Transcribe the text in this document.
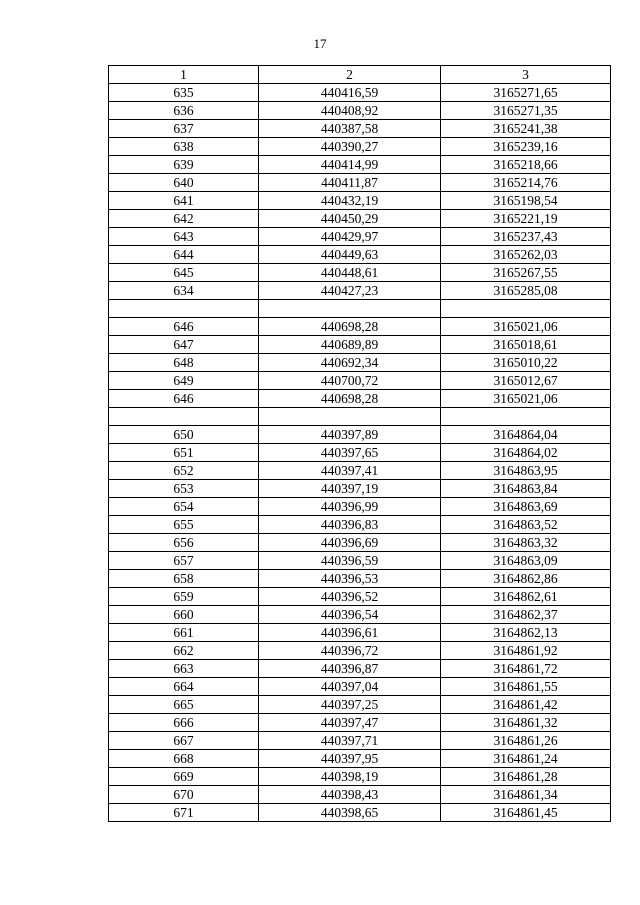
17
1	2	3
635	440416,59	3165271,65
636	440408,92	3165271,35
637	440387,58	3165241,38
638	440390,27	3165239,16
639	440414,99	3165218,66
640	440411,87	3165214,76
641	440432,19	3165198,54
642	440450,29	3165221,19
643	440429,97	3165237,43
644	440449,63	3165262,03
645	440448,61	3165267,55
634	440427,23	3165285,08

646	440698,28	3165021,06
647	440689,89	3165018,61
648	440692,34	3165010,22
649	440700,72	3165012,67
646	440698,28	3165021,06

650	440397,89	3164864,04
651	440397,65	3164864,02
652	440397,41	3164863,95
653	440397,19	3164863,84
654	440396,99	3164863,69
655	440396,83	3164863,52
656	440396,69	3164863,32
657	440396,59	3164863,09
658	440396,53	3164862,86
659	440396,52	3164862,61
660	440396,54	3164862,37
661	440396,61	3164862,13
662	440396,72	3164861,92
663	440396,87	3164861,72
664	440397,04	3164861,55
665	440397,25	3164861,42
666	440397,47	3164861,32
667	440397,71	3164861,26
668	440397,95	3164861,24
669	440398,19	3164861,28
670	440398,43	3164861,34
671	440398,65	3164861,45
